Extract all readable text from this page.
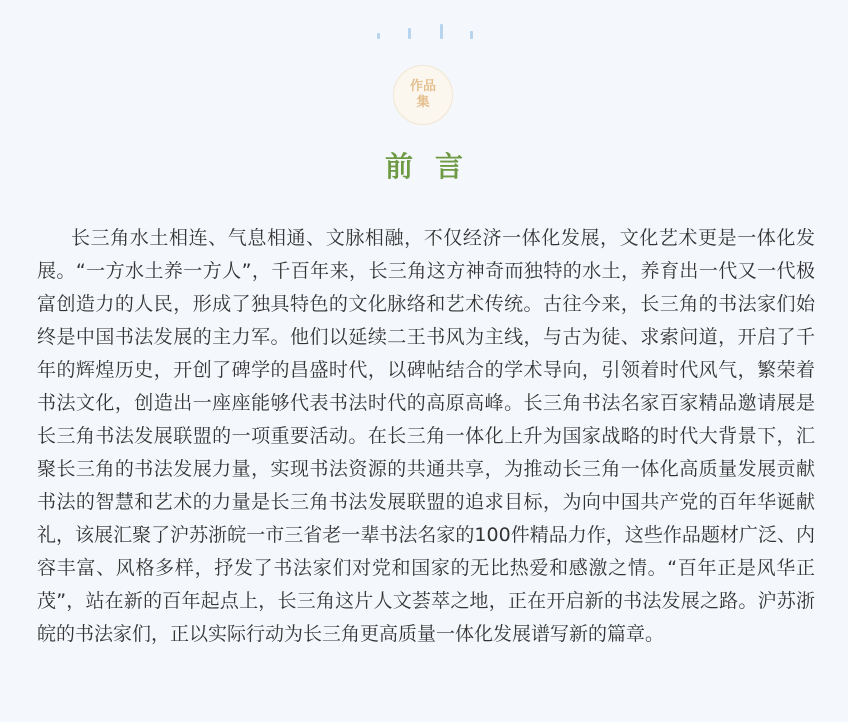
作品集
前言

长三角水土相连、气息相通、文脉相融，不仅经济一体化发展，文化艺术更是一体化发展。“一方水土养一方人”，千百年来，长三角这方神奇而独特的水土，养育出一代又一代极富创造力的人民，形成了独具特色的文化脉络和艺术传统。古往今来，长三角的书法家们始终是中国书法发展的主力军。他们以延续二王书风为主线，与古为徒、求索问道，开启了千年的辉煌历史，开创了碑学的昌盛时代，以碑帖结合的学术导向，引领着时代风气，繁荣着书法文化，创造出一座座能够代表书法时代的高原高峰。长三角书法名家百家精品邀请展是长三角书法发展联盟的一项重要活动。在长三角一体化上升为国家战略的时代大背景下，汇聚长三角的书法发展力量，实现书法资源的共通共享，为推动长三角一体化高质量发展贡献书法的智慧和艺术的力量是长三角书法发展联盟的追求目标，为向中国共产党的百年华诞献礼，该展汇聚了沪苏浙皖一市三省老一辈书法名家的100件精品力作，这些作品题材广泛、内容丰富、风格多样，抒发了书法家们对党和国家的无比热爱和感激之情。“百年正是风华正茂”，站在新的百年起点上，长三角这片人文荟萃之地，正在开启新的书法发展之路。沪苏浙皖的书法家们，正以实际行动为长三角更高质量一体化发展谱写新的篇章。
